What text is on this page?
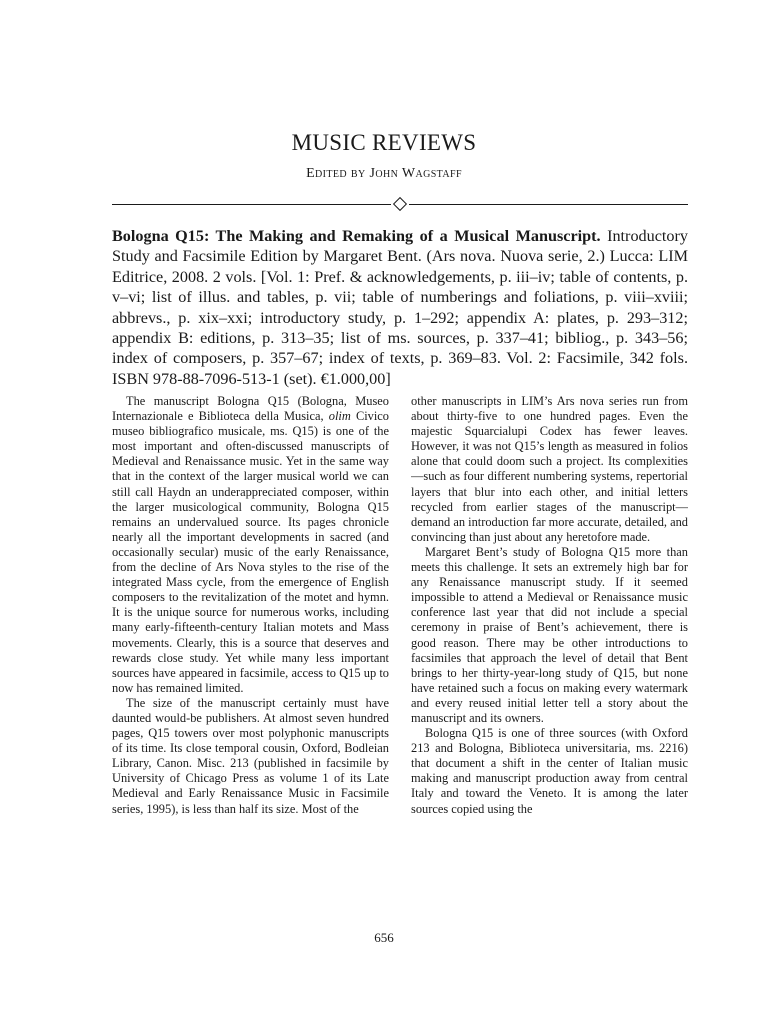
MUSIC REVIEWS
Edited by John Wagstaff
Bologna Q15: The Making and Remaking of a Musical Manuscript. Introductory Study and Facsimile Edition by Margaret Bent. (Ars nova. Nuova serie, 2.) Lucca: LIM Editrice, 2008. 2 vols. [Vol. 1: Pref. & acknowledgements, p. iii–iv; table of contents, p. v–vi; list of illus. and tables, p. vii; table of numberings and foliations, p. viii–xviii; abbrevs., p. xix–xxi; introductory study, p. 1–292; appendix A: plates, p. 293–312; appendix B: editions, p. 313–35; list of ms. sources, p. 337–41; bibliog., p. 343–56; index of composers, p. 357–67; index of texts, p. 369–83. Vol. 2: Facsimile, 342 fols. ISBN 978-88-7096-513-1 (set). €1.000,00]

The manuscript Bologna Q15 (Bologna, Museo Internazionale e Biblioteca della Musica, olim Civico museo bibliografico musicale, ms. Q15) is one of the most important and often-discussed manuscripts of Medieval and Renaissance music. Yet in the same way that in the context of the larger musical world we can still call Haydn an underappreciated composer, within the larger musicological community, Bologna Q15 remains an undervalued source. Its pages chronicle nearly all the important developments in sacred (and occasionally secular) music of the early Renaissance, from the decline of Ars Nova styles to the rise of the integrated Mass cycle, from the emergence of English composers to the revitalization of the motet and hymn. It is the unique source for numerous works, including many early-fifteenth-century Italian motets and Mass movements. Clearly, this is a source that deserves and rewards close study. Yet while many less important sources have appeared in facsimile, access to Q15 up to now has remained limited.

The size of the manuscript certainly must have daunted would-be publishers. At almost seven hundred pages, Q15 towers over most polyphonic manuscripts of its time. Its close temporal cousin, Oxford, Bodleian Library, Canon. Misc. 213 (published in facsimile by University of Chicago Press as volume 1 of its Late Medieval and Early Renaissance Music in Facsimile series, 1995), is less than half its size. Most of the

other manuscripts in LIM’s Ars nova series run from about thirty-five to one hundred pages. Even the majestic Squarcialupi Codex has fewer leaves. However, it was not Q15’s length as measured in folios alone that could doom such a project. Its complexities—such as four different numbering systems, repertorial layers that blur into each other, and initial letters recycled from earlier stages of the manuscript—demand an introduction far more accurate, detailed, and convincing than just about any heretofore made.

Margaret Bent’s study of Bologna Q15 more than meets this challenge. It sets an extremely high bar for any Renaissance manuscript study. If it seemed impossible to attend a Medieval or Renaissance music conference last year that did not include a special ceremony in praise of Bent’s achievement, there is good reason. There may be other introductions to facsimiles that approach the level of detail that Bent brings to her thirty-year-long study of Q15, but none have retained such a focus on making every watermark and every reused initial letter tell a story about the manuscript and its owners.

Bologna Q15 is one of three sources (with Oxford 213 and Bologna, Biblioteca universitaria, ms. 2216) that document a shift in the center of Italian music making and manuscript production away from central Italy and toward the Veneto. It is among the later sources copied using the

656
